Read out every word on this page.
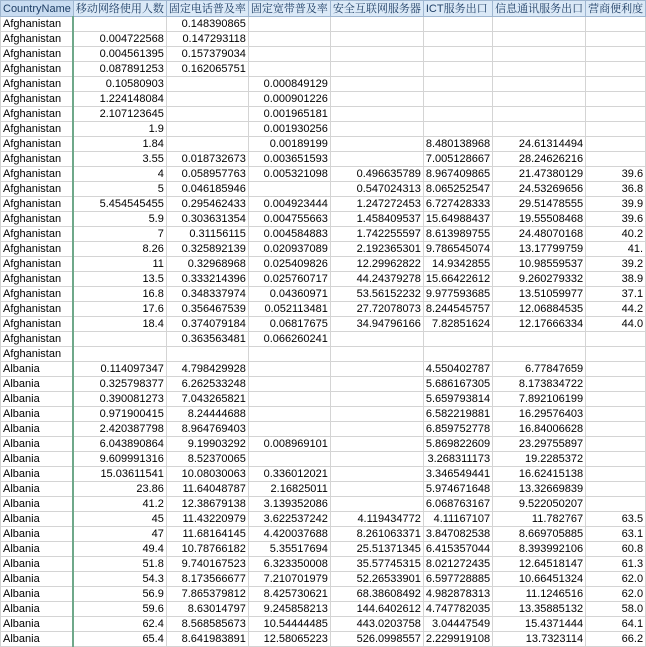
CountryName	移动网络使用人数	固定电话普及率	固定宽带普及率	安全互联网服务器	ICT服务出口	信息通讯服务出口	营商便利度
Afghanistan		0.148390865					
Afghanistan	0.004722568	0.147293118					
Afghanistan	0.004561395	0.157379034					
Afghanistan	0.087891253	0.162065751					
Afghanistan	0.10580903		0.000849129				
Afghanistan	1.224148084		0.000901226				
Afghanistan	2.107123645		0.001965181				
Afghanistan	1.9		0.001930256				
Afghanistan	1.84		0.00189199		8.480138968	24.61314494	
Afghanistan	3.55	0.018732673	0.003651593		7.005128667	28.24626216	
Afghanistan	4	0.058957763	0.005321098	0.496635789	8.967409865	21.47380129	39.6
Afghanistan	5	0.046185946		0.547024313	8.065252547	24.53269656	36.8
Afghanistan	5.454545455	0.295462433	0.004923444	1.247272453	6.727428333	29.51478555	39.9
Afghanistan	5.9	0.303631354	0.004755663	1.458409537	15.64988437	19.55508468	39.6
Afghanistan	7	0.31156115	0.004584883	1.742255597	8.613989755	24.48070168	40.2
Afghanistan	8.26	0.325892139	0.020937089	2.192365301	9.786545074	13.17799759	41.
Afghanistan	11	0.32968968	0.025409826	12.29962822	14.9342855	10.98559537	39.2
Afghanistan	13.5	0.333214396	0.025760717	44.24379278	15.66422612	9.260279332	38.9
Afghanistan	16.8	0.348337974	0.04360971	53.56152232	9.977593685	13.51059977	37.1
Afghanistan	17.6	0.356467539	0.052113481	27.72078073	8.244545757	12.06884535	44.2
Afghanistan	18.4	0.374079184	0.06817675	34.94796166	7.82851624	12.17666334	44.0
Afghanistan		0.363563481	0.066260241				
Afghanistan							
Albania	0.114097347	4.798429928			4.550402787	6.77847659	
Albania	0.325798377	6.262533248			5.686167305	8.173834722	
Albania	0.390081273	7.043265821			5.659793814	7.892106199	
Albania	0.971900415	8.24444688			6.582219881	16.29576403	
Albania	2.420387798	8.964769403			6.859752778	16.84006628	
Albania	6.043890864	9.19903292	0.008969101		5.869822609	23.29755897	
Albania	9.609991316	8.52370065			3.268311173	19.2285372	
Albania	15.03611541	10.08030063	0.336012021		3.346549441	16.62415138	
Albania	23.86	11.64048787	2.16825011		5.974671648	13.32669839	
Albania	41.2	12.38679138	3.139352086		6.068763167	9.522050207	
Albania	45	11.43220979	3.622537242	4.119434772	4.11167107	11.782767	63.5
Albania	47	11.68164145	4.420037688	8.261063371	3.847082538	8.669705885	63.1
Albania	49.4	10.78766182	5.35517694	25.51371345	6.415357044	8.393992106	60.8
Albania	51.8	9.740167523	6.323350008	35.57745315	8.021272435	12.64518147	61.3
Albania	54.3	8.173566677	7.210701979	52.26533901	6.597728885	10.66451324	62.0
Albania	56.9	7.865379812	8.425730621	68.38608492	4.982878313	11.1246516	62.0
Albania	59.6	8.63014797	9.245858213	144.6402612	4.747782035	13.35885132	58.0
Albania	62.4	8.568585673	10.54444485	443.0203758	3.04447549	15.4371444	64.1
Albania	65.4	8.641983891	12.58065223	526.0998557	2.229919108	13.7323114	66.2
